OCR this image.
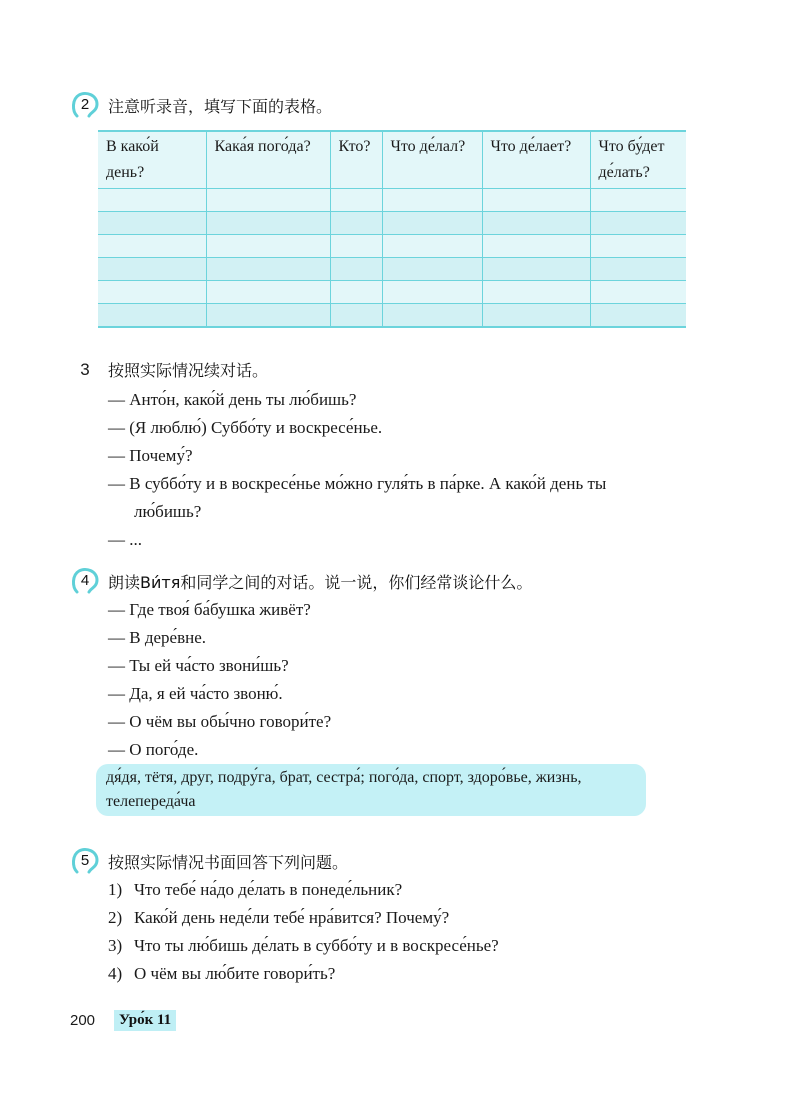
2	注意听录音，填写下面的表格。
В како́й день?	Кака́я пого́да?	Кто?	Что де́лал?	Что де́лает?	Что бу́дет де́лать?

3	按照实际情况续对话。
— Анто́н, како́й день ты лю́бишь?
— (Я люблю́) Суббо́ту и воскресе́нье.
— Почему́?
— В суббо́ту и в воскресе́нье мо́жно гуля́ть в па́рке. А како́й день ты
лю́бишь?
— ...
4	朗读Ви́тя和同学之间的对话。说一说，你们经常谈论什么。
— Где твоя́ ба́бушка живёт?
— В дере́вне.
— Ты ей ча́сто звони́шь?
— Да, я ей ча́сто звоню́.
— О чём вы обы́чно говори́те?
— О пого́де.
дя́дя, тётя, друг, подру́га, брат, сестра́; пого́да, спорт, здоро́вье, жизнь,
телепереда́ча
5	按照实际情况书面回答下列问题。
1) Что тебе́ на́до де́лать в понеде́льник?
2) Како́й день неде́ли тебе́ нра́вится? Почему́?
3) Что ты лю́бишь де́лать в суббо́ту и в воскресе́нье?
4) О чём вы лю́бите говори́ть?
200	Уро́к 11
